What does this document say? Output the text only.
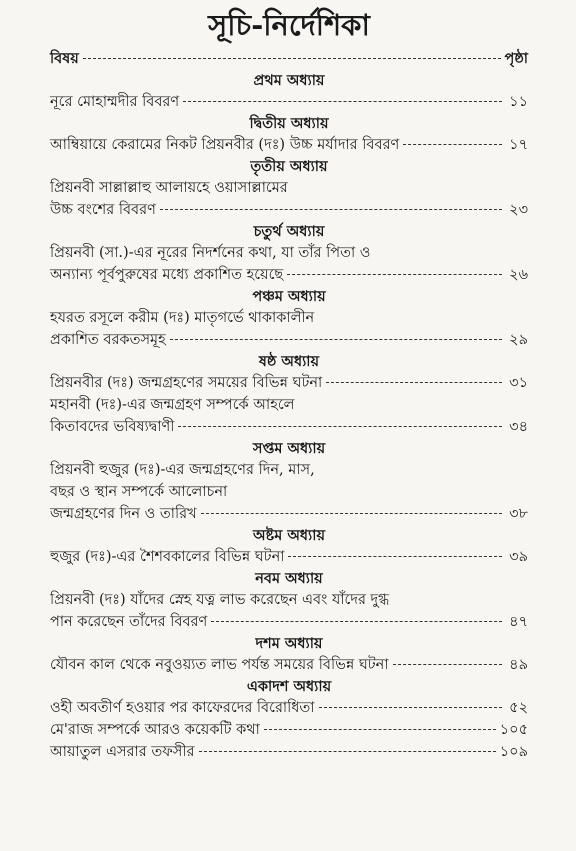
সূচি-নির্দেশিকা
বিষয়	পৃষ্ঠা
প্রথম অধ্যায়
নূরে মোহাম্মদীর বিবরণ	১১
দ্বিতীয় অধ্যায়
আম্বিয়ায়ে কেরামের নিকট প্রিয়নবীর (দঃ) উচ্চ মর্যাদার বিবরণ	১৭
তৃতীয় অধ্যায়
প্রিয়নবী সাল্লাল্লাহু আলায়হে ওয়াসাল্লামের
উচ্চ বংশের বিবরণ	২৩
চতুর্থ অধ্যায়
প্রিয়নবী (সা.)-এর নূরের নিদর্শনের কথা, যা তাঁর পিতা ও
অন্যান্য পূর্বপুরুষের মধ্যে প্রকাশিত হয়েছে	২৬
পঞ্চম অধ্যায়
হযরত রসূলে করীম (দঃ) মাতৃগর্ভে থাকাকালীন
প্রকাশিত বরকতসমূহ	২৯
ষষ্ঠ অধ্যায়
প্রিয়নবীর (দঃ) জন্মগ্রহণের সময়ের বিভিন্ন ঘটনা	৩১
মহানবী (দঃ)-এর জন্মগ্রহণ সম্পর্কে আহলে
কিতাবদের ভবিষ্যদ্বাণী	৩৪
সপ্তম অধ্যায়
প্রিয়নবী হুজুর (দঃ)-এর জন্মগ্রহণের দিন, মাস,
বছর ও স্থান সম্পর্কে আলোচনা
জন্মগ্রহণের দিন ও তারিখ	৩৮
অষ্টম অধ্যায়
হুজুর (দঃ)-এর শৈশবকালের বিভিন্ন ঘটনা	৩৯
নবম অধ্যায়
প্রিয়নবী (দঃ) যাঁদের স্নেহ যত্ন লাভ করেছেন এবং যাঁদের দুগ্ধ
পান করেছেন তাঁদের বিবরণ	৪৭
দশম অধ্যায়
যৌবন কাল থেকে নবুওয়্যত লাভ পর্যন্ত সময়ের বিভিন্ন ঘটনা	৪৯
একাদশ অধ্যায়
ওহী অবতীর্ণ হওয়ার পর কাফেরদের বিরোধিতা	৫২
মে'রাজ সম্পর্কে আরও কয়েকটি কথা	১০৫
আয়াতুল এসরার তফসীর	১০৯
